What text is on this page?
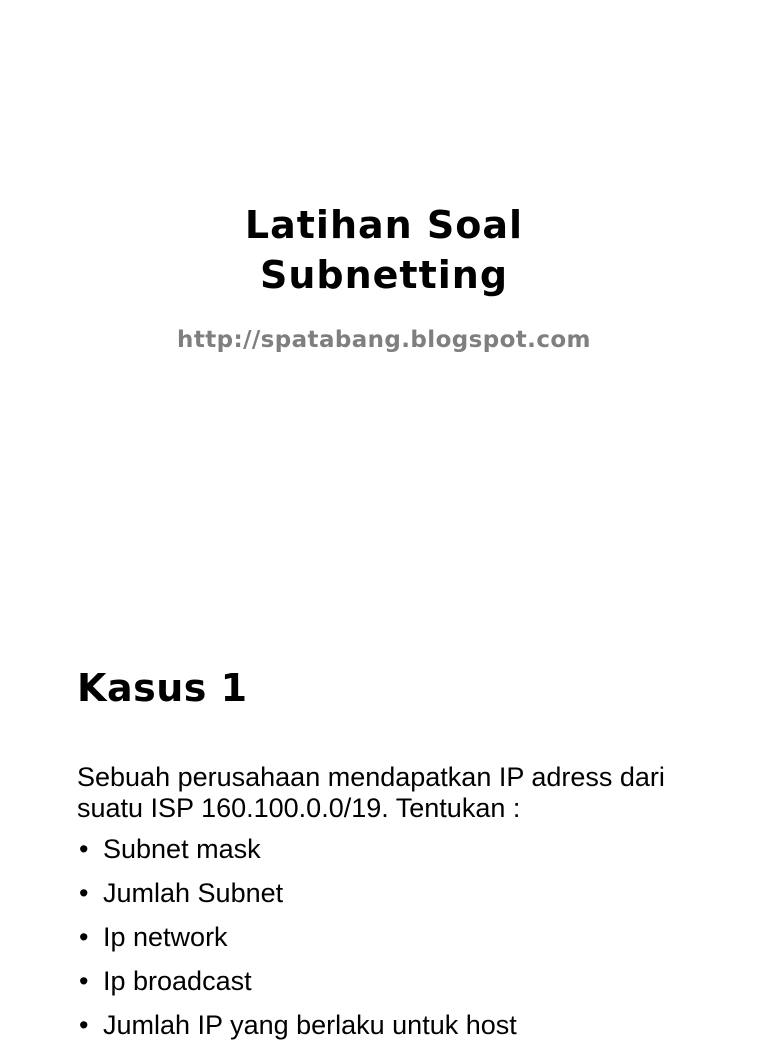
Latihan Soal
Subnetting
http://spatabang.blogspot.com
Kasus 1

Sebuah perusahaan mendapatkan IP adress dari suatu ISP 160.100.0.0/19. Tentukan :

• Subnet mask
• Jumlah Subnet
• Ip network
• Ip broadcast
• Jumlah IP yang berlaku untuk host
